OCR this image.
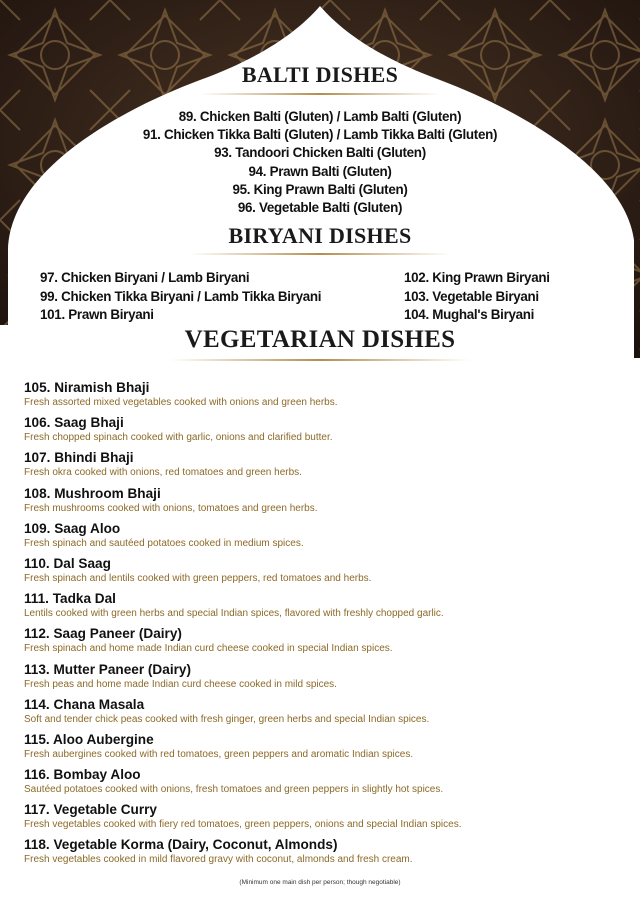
BALTI DISHES
89. Chicken Balti (Gluten) / Lamb Balti (Gluten)
91. Chicken Tikka Balti (Gluten) / Lamb Tikka Balti (Gluten)
93. Tandoori Chicken Balti (Gluten)
94. Prawn Balti (Gluten)
95. King Prawn Balti (Gluten)
96. Vegetable Balti (Gluten)
BIRYANI DISHES
97. Chicken Biryani / Lamb Biryani
99. Chicken Tikka Biryani / Lamb Tikka Biryani
101. Prawn Biryani
102. King Prawn Biryani
103. Vegetable Biryani
104. Mughal's Biryani
VEGETARIAN DISHES
105. Niramish Bhaji
Fresh assorted mixed vegetables cooked with onions and green herbs.
106. Saag Bhaji
Fresh chopped spinach cooked with garlic, onions and clarified butter.
107. Bhindi Bhaji
Fresh okra cooked with onions, red tomatoes and green herbs.
108. Mushroom Bhaji
Fresh mushrooms cooked with onions, tomatoes and green herbs.
109. Saag Aloo
Fresh spinach and sautéed potatoes cooked in medium spices.
110. Dal Saag
Fresh spinach and lentils cooked with green peppers, red tomatoes and herbs.
111. Tadka Dal
Lentils cooked with green herbs and special Indian spices, flavored with freshly chopped garlic.
112. Saag Paneer (Dairy)
Fresh spinach and home made Indian curd cheese cooked in special Indian spices.
113. Mutter Paneer (Dairy)
Fresh peas and home made Indian curd cheese cooked in mild spices.
114. Chana Masala
Soft and tender chick peas cooked with fresh ginger, green herbs and special Indian spices.
115. Aloo Aubergine
Fresh aubergines cooked with red tomatoes, green peppers and aromatic Indian spices.
116. Bombay Aloo
Sautéed potatoes cooked with onions, fresh tomatoes and green peppers in slightly hot spices.
117. Vegetable Curry
Fresh vegetables cooked with fiery red tomatoes, green peppers, onions and special Indian spices.
118. Vegetable Korma (Dairy, Coconut, Almonds)
Fresh vegetables cooked in mild flavored gravy with coconut, almonds and fresh cream.
(Minimum one main dish per person; though negotiable)
